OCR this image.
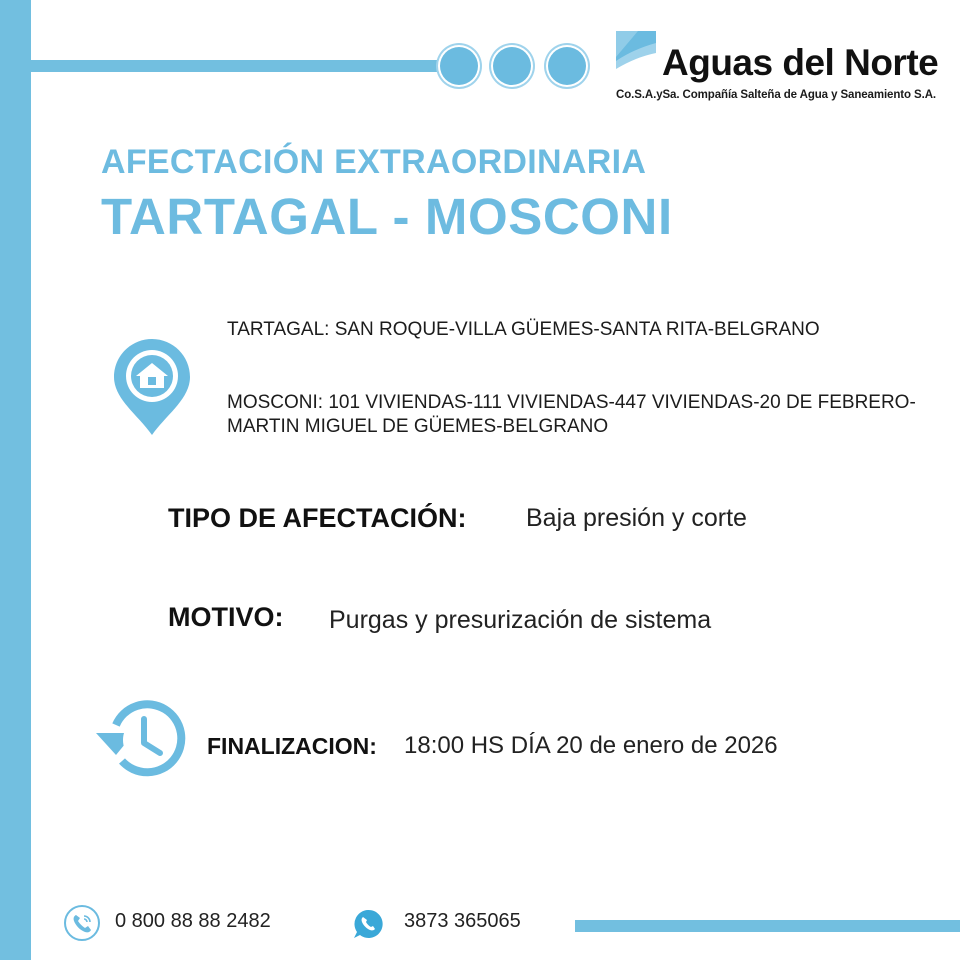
Aguas del Norte
Co.S.A.ySa. Compañía Salteña de Agua y Saneamiento S.A.
AFECTACIÓN EXTRAORDINARIA
TARTAGAL - MOSCONI
TARTAGAL: SAN ROQUE-VILLA GÜEMES-SANTA RITA-BELGRANO
MOSCONI: 101 VIVIENDAS-111 VIVIENDAS-447 VIVIENDAS-20 DE FEBRERO-MARTIN MIGUEL DE GÜEMES-BELGRANO
TIPO DE AFECTACIÓN: Baja presión y corte
MOTIVO: Purgas y presurización de sistema
FINALIZACION: 18:00 HS DÍA 20 de enero de 2026
0 800 88 88 2482	3873 365065
